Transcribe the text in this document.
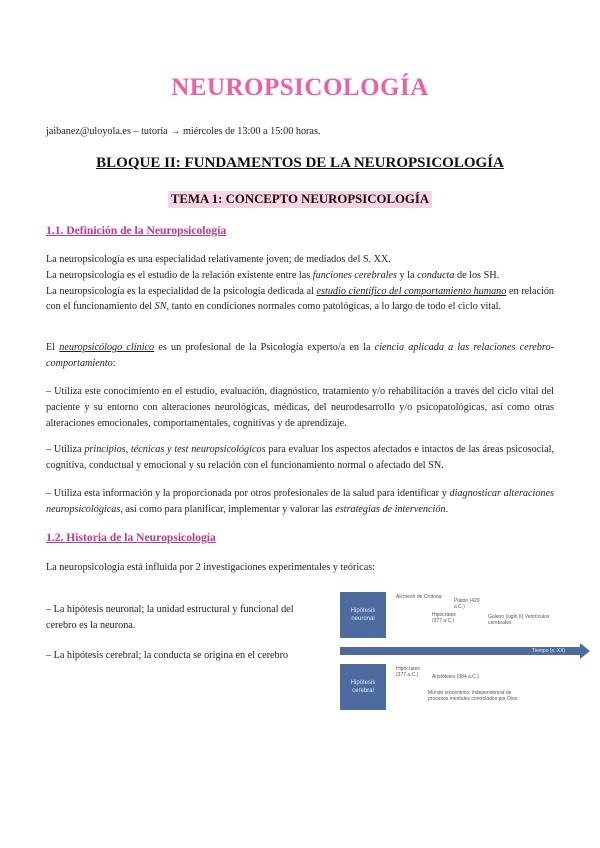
NEUROPSICOLOGÍA
jaibanez@uloyola.es – tutoría → miércoles de 13:00 a 15:00 horas.
BLOQUE II: FUNDAMENTOS DE LA NEUROPSICOLOGÍA
TEMA 1: CONCEPTO NEUROPSICOLOGÍA
1.1. Definición de la Neuropsicología

La neuropsicología es una especialidad relativamente joven; de mediados del S. XX.

La neuropsicología es el estudio de la relación existente entre las funciones cerebrales y la conducta de los SH.

La neuropsicología es la especialidad de la psicología dedicada al estudio científico del comportamiento humano en relación con el funcionamiento del SN, tanto en condiciones normales como patológicas, a lo largo de todo el ciclo vital.

El neuropsicólogo clínico es un profesional de la Psicología experto/a en la ciencia aplicada a las relaciones cerebro-comportamiento:

– Utiliza este conocimiento en el estudio, evaluación, diagnóstico, tratamiento y/o rehabilitación a través del ciclo vital del paciente y su entorno con alteraciones neurológicas, médicas, del neurodesarrollo y/o psicopatológicas, así como otras alteraciones emocionales, comportamentales, cognitivas y de aprendizaje.

– Utiliza principios, técnicas y test neuropsicológicos para evaluar los aspectos afectados e intactos de las áreas psicosocial, cognitiva, conductual y emocional y su relación con el funcionamiento normal o afectado del SN.

– Utiliza esta información y la proporcionada por otros profesionales de la salud para identificar y diagnosticar alteraciones neuropsicológicas, así como para planificar, implementar y valorar las estrategias de intervención.

1.2. Historia de la Neuropsicología
La neuropsicología está influida por 2 investigaciones experimentales y teóricas:
– La hipótesis neuronal; la unidad estructural y funcional del cerebro es la neurona.
– La hipótesis cerebral; la conducta se origina en el cerebro
Hipótesis neuronal
Hipótesis cerebral
Tiempo (s. XX)
Alcmeón de Crotona
Platón (429 a.C.)
Hipócrates (377 a.C.)
Galeno (siglo II) Ventrículos cerebrales
Hipócrates (377 a.C.)	Aristóteles (384 a.C.)
Mundo teocéntrico: independencia de procesos mentales controlados por Dios
